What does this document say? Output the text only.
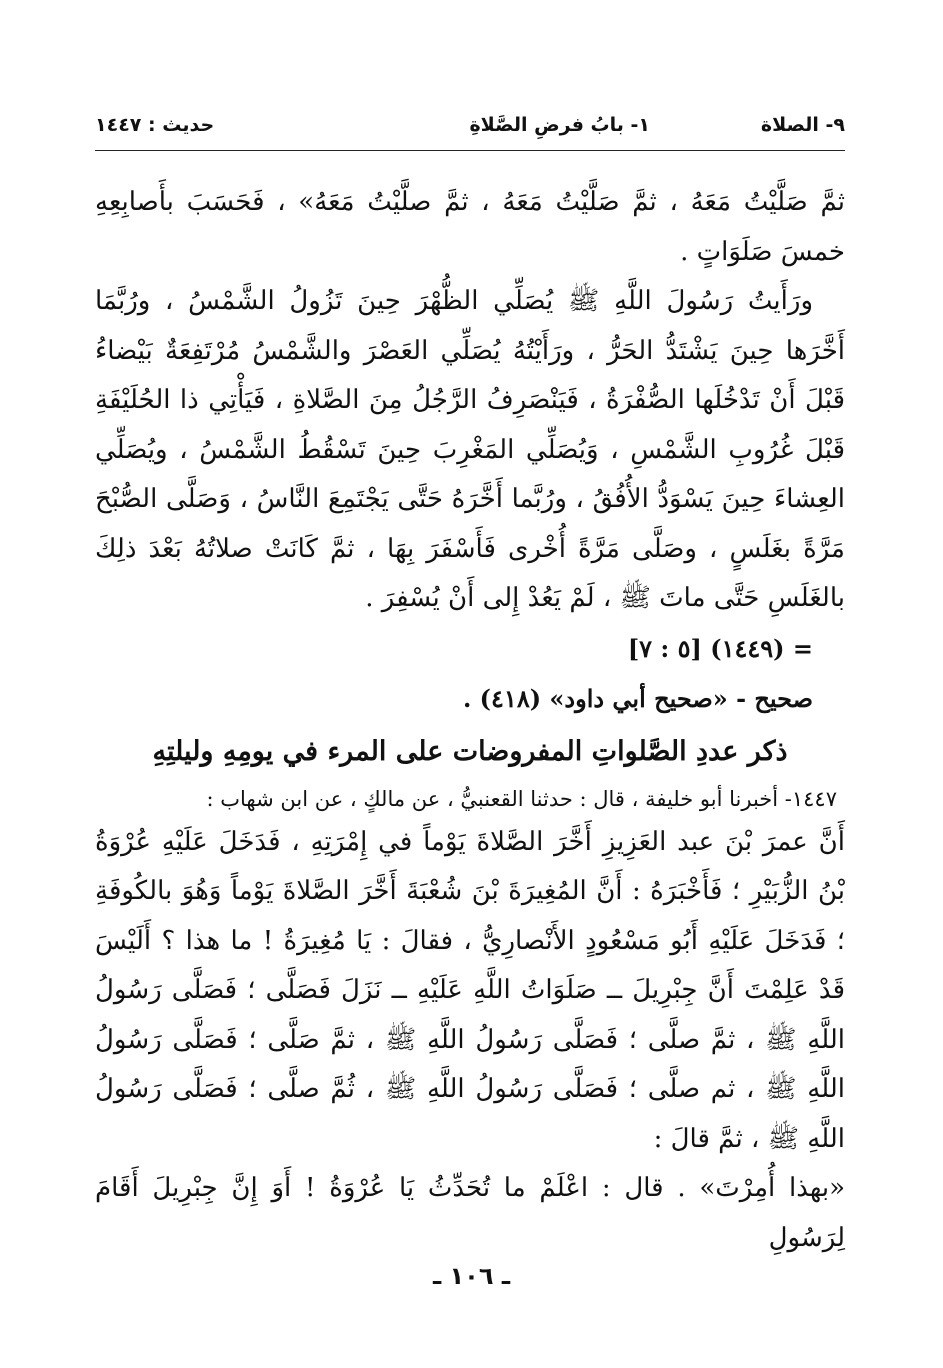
٩- الصلاة
١- بابُ فرضِ الصَّلاةِ
حديث : ١٤٤٧

ثمَّ صَلَّيْتُ مَعَهُ ، ثمَّ صَلَّيْتُ مَعَهُ ، ثمَّ صلَّيْتُ مَعَهُ» ، فَحَسَبَ بأَصابِعِهِ خمسَ صَلَوَاتٍ .

ورَأَيتُ رَسُولَ اللَّهِ ﷺ يُصَلِّي الظُّهْرَ حِينَ تَزُولُ الشَّمْسُ ، ورُبَّمَا أَخَّرَها حِينَ يَشْتَدُّ الحَرُّ ، ورَأَيْتُهُ يُصَلِّي العَصْرَ والشَّمْسُ مُرْتَفِعَةٌ بَيْضاءُ قَبْلَ أَنْ تَدْخُلَها الصُّفْرَةُ ، فَيَنْصَرِفُ الرَّجُلُ مِنَ الصَّلاةِ ، فَيَأْتِي ذا الحُلَيْفَةِ قَبْلَ غُرُوبِ الشَّمْسِ ، وَيُصَلِّي المَغْرِبَ حِينَ تَسْقُطُ الشَّمْسُ ، ويُصَلِّي العِشاءَ حِينَ يَسْوَدُّ الأُفُقُ ، ورُبَّما أَخَّرَهُ حَتَّى يَجْتَمِعَ النَّاسُ ، وَصَلَّى الصُّبْحَ مَرَّةً بغَلَسٍ ، وصَلَّى مَرَّةً أُخْرى فَأَسْفَرَ بِهَا ، ثمَّ كَانَتْ صلاتُهُ بَعْدَ ذلِكَ بالغَلَسِ حَتَّى ماتَ ﷺ ، لَمْ يَعُدْ إِلى أَنْ يُسْفِرَ .

= (١٤٤٩) [٥ : ٧]

صحيح - «صحيح أبي داود» (٤١٨) .

ذكر عددِ الصَّلواتِ المفروضات على المرء في يومِهِ وليلتِهِ

١٤٤٧- أخبرنا أبو خليفة ، قال : حدثنا القعنبيُّ ، عن مالكٍ ، عن ابن شهاب :

أَنَّ عمرَ بْنَ عبد العَزِيزِ أَخَّرَ الصَّلاةَ يَوْماً في إِمْرَتِهِ ، فَدَخَلَ عَلَيْهِ عُرْوَةُ بْنُ الزُّبَيْرِ ؛ فَأَخْبَرَهُ : أَنَّ المُغِيرَةَ بْنَ شُعْبَةَ أَخَّرَ الصَّلاةَ يَوْماً وَهُوَ بالكُوفَةِ ؛ فَدَخَلَ عَلَيْهِ أَبُو مَسْعُودٍ الأَنْصارِيُّ ، فقالَ : يَا مُغِيرَةُ ! ما هذا ؟ أَلَيْسَ قَدْ عَلِمْتَ أَنَّ جِبْرِيلَ ــ صَلَوَاتُ اللَّهِ عَلَيْهِ ــ نَزَلَ فَصَلَّى ؛ فَصَلَّى رَسُولُ اللَّهِ ﷺ ، ثمَّ صلَّى ؛ فَصَلَّى رَسُولُ اللَّهِ ﷺ ، ثمَّ صَلَّى ؛ فَصَلَّى رَسُولُ اللَّهِ ﷺ ، ثم صلَّى ؛ فَصَلَّى رَسُولُ اللَّهِ ﷺ ، ثُمَّ صلَّى ؛ فَصَلَّى رَسُولُ اللَّهِ ﷺ ، ثمَّ قالَ :

«بهذا أُمِرْتَ» . قال : اعْلَمْ ما تُحَدِّثُ يَا عُرْوَةُ ! أَوَ إِنَّ جِبْرِيلَ أَقَامَ لِرَسُولِ

ـ ١٠٦ ـ
